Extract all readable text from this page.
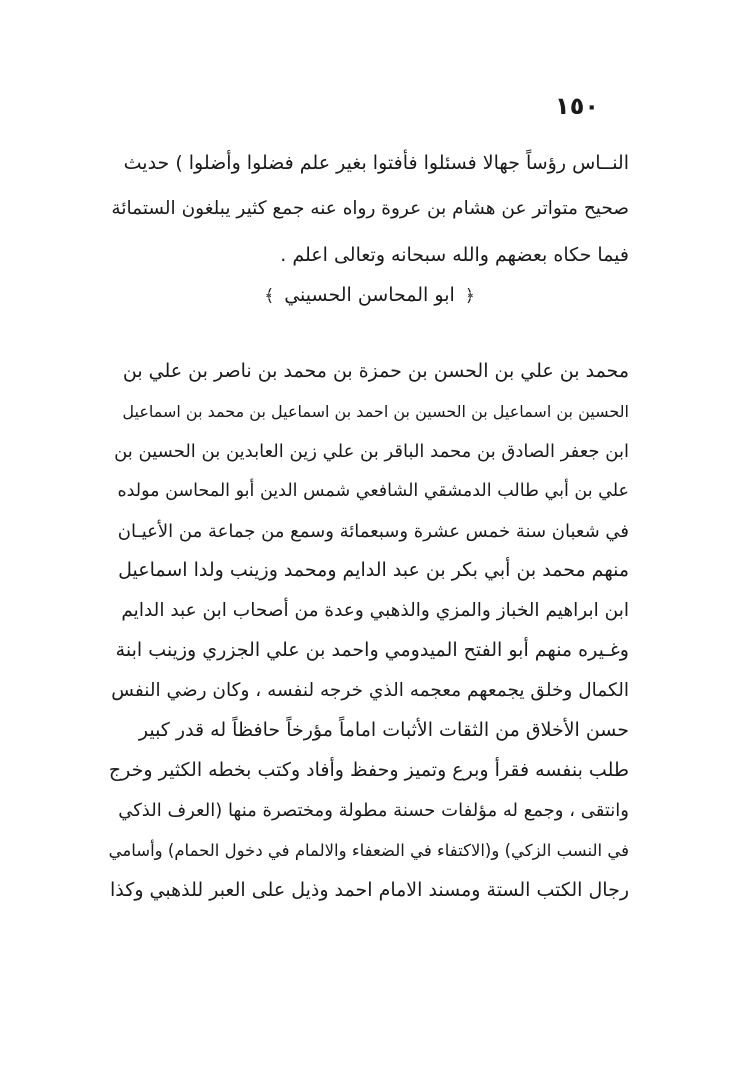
١٥٠
النــاس رؤساً جهالا فسئلوا فأفتوا بغير علم فضلوا وأضلوا ) حديث
صحيح متواتر عن هشام بن عروة رواه عنه جمع كثير يبلغون الستمائة
فيما حكاه بعضهم والله سبحانه وتعالى اعلم .
﴿ ابو المحاسن الحسيني ﴾
محمد بن علي بن الحسن بن حمزة بن محمد بن ناصر بن علي بن
الحسين بن اسماعيل بن الحسين بن احمد بن اسماعيل بن محمد بن اسماعيل
ابن جعفر الصادق بن محمد الباقر بن علي زين العابدين بن الحسين بن
علي بن أبي طالب الدمشقي الشافعي شمس الدين أبو المحاسن مولده
في شعبان سنة خمس عشرة وسبعمائة وسمع من جماعة من الأعيـان
منهم محمد بن أبي بكر بن عبد الدايم ومحمد وزينب ولدا اسماعيل
ابن ابراهيم الخباز والمزي والذهبي وعدة من أصحاب ابن عبد الدايم
وغـيره منهم أبو الفتح الميدومي واحمد بن علي الجزري وزينب ابنة
الكمال وخلق يجمعهم معجمه الذي خرجه لنفسه ، وكان رضي النفس
حسن الأخلاق من الثقات الأثبات اماماً مؤرخاً حافظاً له قدر كبير
طلب بنفسه فقرأ وبرع وتميز وحفظ وأفاد وكتب بخطه الكثير وخرج
وانتقى ، وجمع له مؤلفات حسنة مطولة ومختصرة منها (العرف الذكي
في النسب الزكي) و(الاكتفاء في الضعفاء والالمام في دخول الحمام) وأسامي
رجال الكتب الستة ومسند الامام احمد وذيل على العبر للذهبي وكذا
